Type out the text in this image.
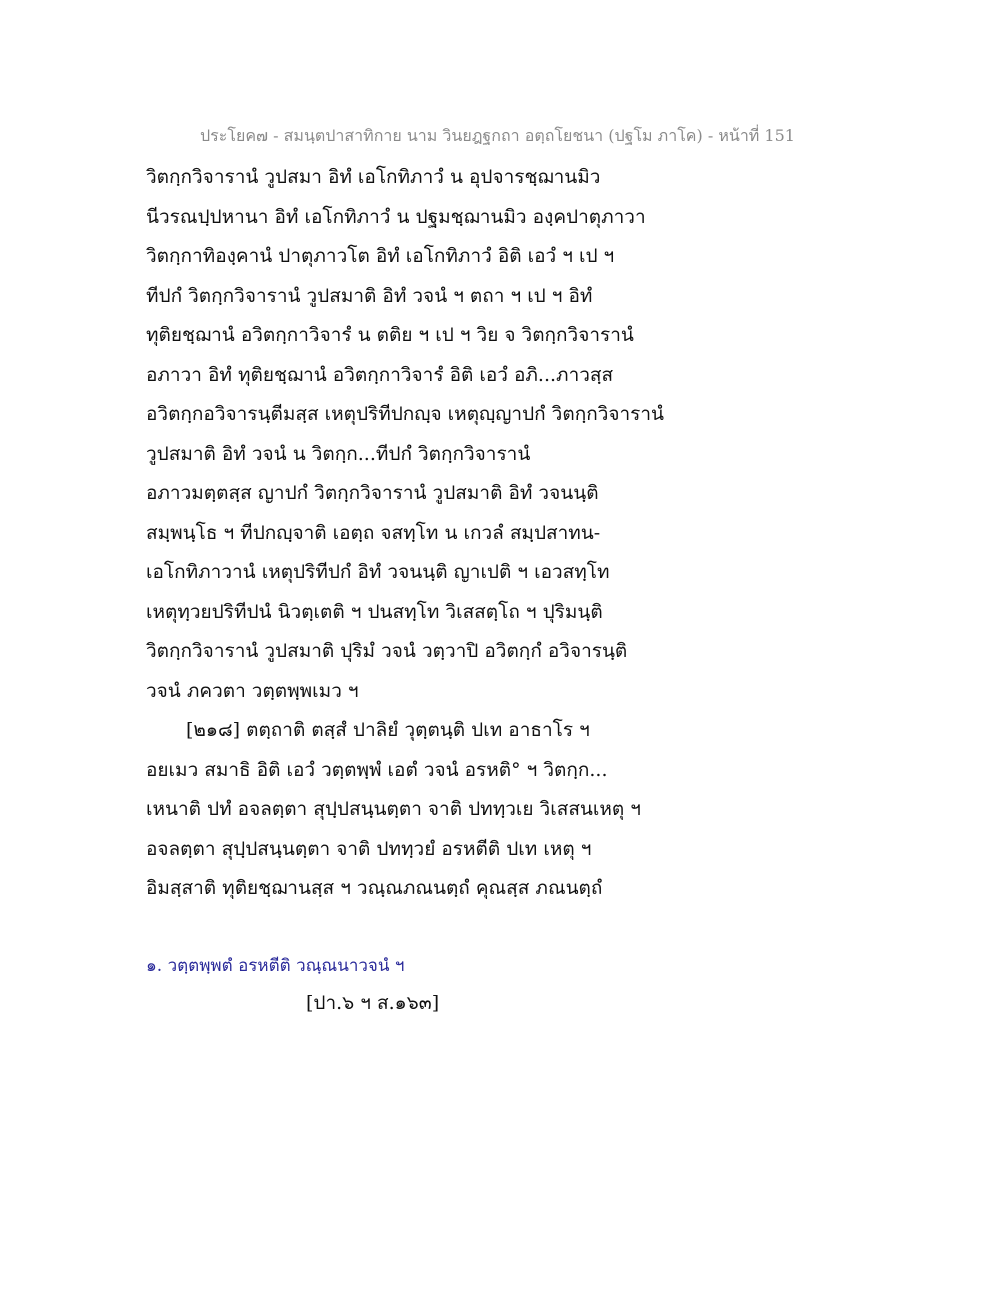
ประโยค๗ - สมนฺตปาสาทิกาย นาม วินยฎฐกถา อตฺถโยชนา (ปฐโม ภาโค) - หน้าที่ 151
วิตกฺกวิจารานํ วูปสมา อิทํ เอโกทิภาวํ น อุปจารชฺฌานมิว
นีวรณปฺปหานา อิทํ เอโกทิภาวํ น ปฐมชฺฌานมิว องฺคปาตุภาวา
วิตกฺกาทิองฺคานํ ปาตุภาวโต อิทํ เอโกทิภาวํ อิติ เอวํ ฯ เป ฯ
ทีปกํ วิตกฺกวิจารานํ วูปสมาติ อิทํ วจนํ ฯ ตถา ฯ เป ฯ อิทํ
ทุติยชฺฌานํ อวิตกฺกาวิจารํ น ตติย ฯ เป ฯ วิย จ วิตกฺกวิจารานํ
อภาวา อิทํ ทุติยชฺฌานํ อวิตกฺกาวิจารํ อิติ เอวํ อภิ...ภาวสฺส
อวิตกฺกอวิจารนฺตีมสฺส เหตุปริทีปกญฺจ เหตุญฺญาปกํ วิตกฺกวิจารานํ
วูปสมาติ อิทํ วจนํ น วิตกฺก...ทีปกํ วิตกฺกวิจารานํ
อภาวมตฺตสฺส ญาปกํ วิตกฺกวิจารานํ วูปสมาติ อิทํ วจนนฺติ
สมฺพนฺโธ ฯ ทีปกญฺจาติ เอตฺถ จสทฺโท น เกวลํ สมฺปสาทน-
เอโกทิภาวานํ เหตุปริทีปกํ อิทํ วจนนฺติ ญาเปติ ฯ เอวสทฺโท
เหตุทฺวยปริทีปนํ นิวตฺเตติ ฯ ปนสทฺโท วิเสสตฺโถ ฯ ปุริมนฺติ
วิตกฺกวิจารานํ วูปสมาติ ปุริมํ วจนํ วตฺวาปิ อวิตกฺกํ อวิจารนฺติ
วจนํ ภควตา วตฺตพฺพเมว ฯ
[๒๑๘] ตตฺถาติ ตสฺสํ ปาลิยํ วุตฺตนฺติ ปเท อาธาโร ฯ
อยเมว สมาธิ อิติ เอวํ วตฺตพฺพํ เอตํ วจนํ อรหติ° ฯ วิตกฺก...
เหนาติ ปทํ อจลตฺตา สุปฺปสนฺนตฺตา จาติ ปททฺวเย วิเสสนเหตุ ฯ
อจลตฺตา สุปฺปสนฺนตฺตา จาติ ปททฺวยํ อรหตีติ ปเท เหตุ ฯ
อิมสฺสาติ ทุติยชฺฌานสฺส ฯ วณฺณภณนตฺถํ คุณสฺส ภณนตฺถํ
๑. วตฺตพฺพตํ อรหตีติ วณฺณนาวจนํ ฯ
[ปา.๖ ฯ ส.๑๖๓]
